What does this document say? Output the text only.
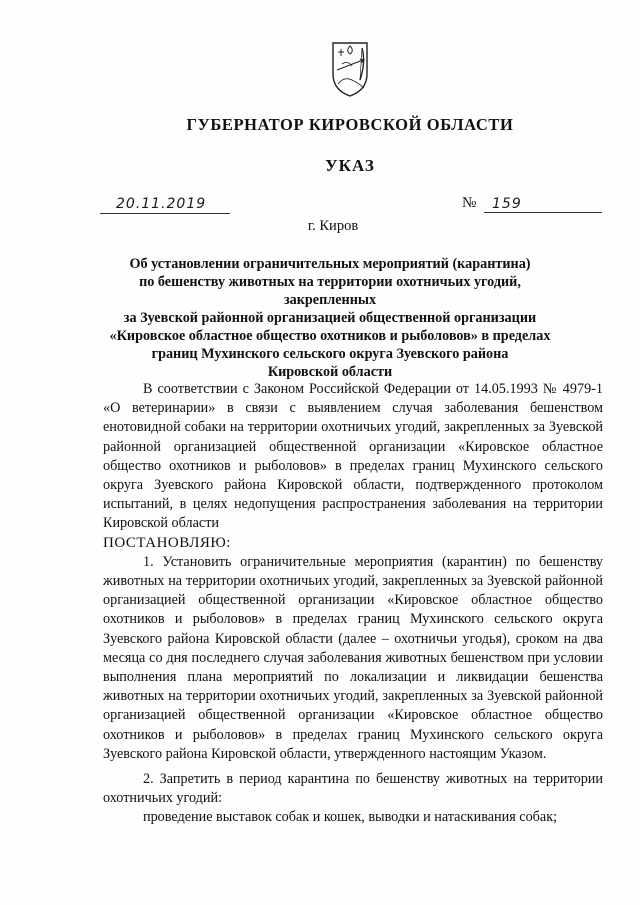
ГУБЕРНАТОР КИРОВСКОЙ ОБЛАСТИ
УКАЗ
20.11.2019	№ 159
г. Киров
Об установлении ограничительных мероприятий (карантина)
по бешенству животных на территории охотничьих угодий, закрепленных
за Зуевской районной организацией общественной организации
«Кировское областное общество охотников и рыболовов» в пределах
границ Мухинского сельского округа Зуевского района
Кировской области

В соответствии с Законом Российской Федерации от 14.05.1993 № 4979-1 «О ветеринарии» в связи с выявлением случая заболевания бешенством енотовидной собаки на территории охотничьих угодий, закрепленных за Зуевской районной организацией общественной организации «Кировское областное общество охотников и рыболовов» в пределах границ Мухинского сельского округа Зуевского района Кировской области, подтвержденного протоколом испытаний, в целях недопущения распространения заболевания на территории Кировской области

ПОСТАНОВЛЯЮ:

1. Установить ограничительные мероприятия (карантин) по бешенству животных на территории охотничьих угодий, закрепленных за Зуевской районной организацией общественной организации «Кировское областное общество охотников и рыболовов» в пределах границ Мухинского сельского округа Зуевского района Кировской области (далее – охотничьи угодья), сроком на два месяца со дня последнего случая заболевания животных бешенством при условии выполнения плана мероприятий по локализации и ликвидации бешенства животных на территории охотничьих угодий, закрепленных за Зуевской районной организацией общественной организации «Кировское областное общество охотников и рыболовов» в пределах границ Мухинского сельского округа Зуевского района Кировской области, утвержденного настоящим Указом.

2. Запретить в период карантина по бешенству животных на территории охотничьих угодий:

проведение выставок собак и кошек, выводки и натаскивания собак;
